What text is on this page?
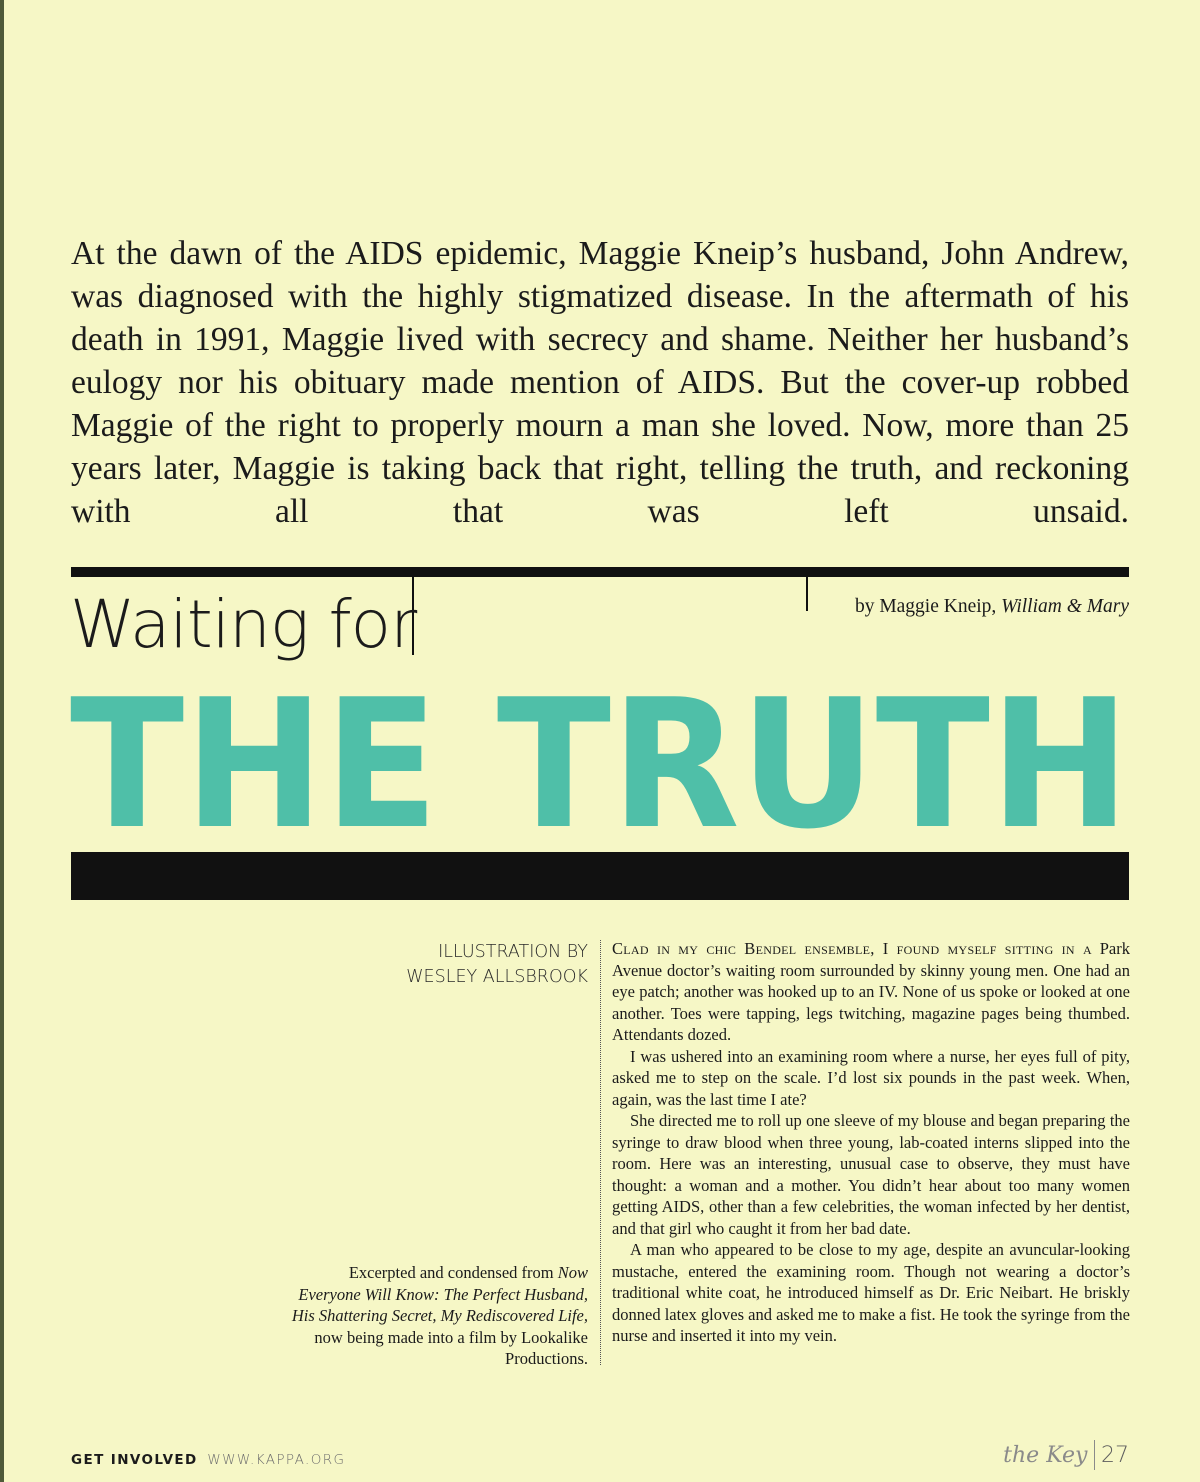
At the dawn of the AIDS epidemic, Maggie Kneip’s husband, John Andrew, was diagnosed with the highly stigmatized disease. In the aftermath of his death in 1991, Maggie lived with secrecy and shame. Neither her husband’s eulogy nor his obituary made mention of AIDS. But the cover-up robbed Maggie of the right to properly mourn a man she loved. Now, more than 25 years later, Maggie is taking back that right, telling the truth, and reckoning with all that was left unsaid.

by Maggie Kneip, William & Mary
Waiting for
THE TRUTH
ILLUSTRATION BY
WESLEY ALLSBROOK
Excerpted and condensed from Now Everyone Will Know: The Perfect Husband, His Shattering Secret, My Rediscovered Life, now being made into a film by Lookalike Productions.

Clad in my chic Bendel ensemble, I found myself sitting in a Park Avenue doctor’s waiting room surrounded by skinny young men. One had an eye patch; another was hooked up to an IV. None of us spoke or looked at one another. Toes were tapping, legs twitching, magazine pages being thumbed. Attendants dozed.

I was ushered into an examining room where a nurse, her eyes full of pity, asked me to step on the scale. I’d lost six pounds in the past week. When, again, was the last time I ate?

She directed me to roll up one sleeve of my blouse and began preparing the syringe to draw blood when three young, lab-coated interns slipped into the room. Here was an interesting, unusual case to observe, they must have thought: a woman and a mother. You didn’t hear about too many women getting AIDS, other than a few celebrities, the woman infected by her dentist, and that girl who caught it from her bad date.

A man who appeared to be close to my age, despite an avuncular-looking mustache, entered the examining room. Though not wearing a doctor’s traditional white coat, he introduced himself as Dr. Eric Neibart. He briskly donned latex gloves and asked me to make a fist. He took the syringe from the nurse and inserted it into my vein.

GET INVOLVED WWW.KAPPA.ORG	the Key 27
